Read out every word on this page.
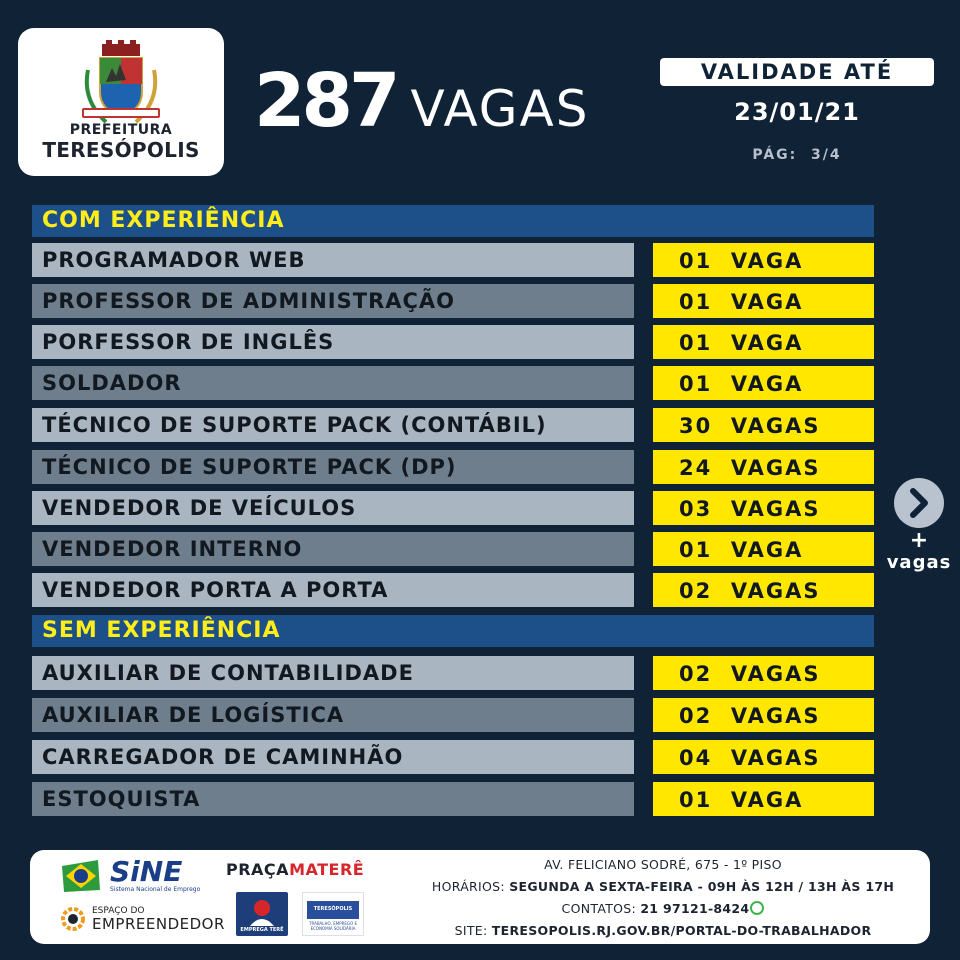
PREFEITURA
TERESÓPOLIS
287 VAGAS
VALIDADE ATÉ
23/01/21
PÁG: 3/4
COM EXPERIÊNCIA
PROGRAMADOR WEB	01  VAGA
PROFESSOR DE ADMINISTRAÇÃO	01  VAGA
PORFESSOR DE INGLÊS	01  VAGA
SOLDADOR	01  VAGA
TÉCNICO DE SUPORTE PACK (CONTÁBIL)	30  VAGAS
TÉCNICO DE SUPORTE PACK (DP)	24  VAGAS
VENDEDOR DE VEÍCULOS	03  VAGAS
VENDEDOR INTERNO	01  VAGA
VENDEDOR PORTA A PORTA	02  VAGAS
SEM EXPERIÊNCIA
AUXILIAR DE CONTABILIDADE	02  VAGAS
AUXILIAR DE LOGÍSTICA	02  VAGAS
CARREGADOR DE CAMINHÃO	04  VAGAS
ESTOQUISTA	01  VAGA
+
vagas
SiNE
Sistema Nacional de Emprego
ESPAÇO DO
EMPREENDEDOR
PRAÇAMATERÊ
EMPREGA TERÊ
TERESÓPOLIS
TRABALHO, EMPREGO E ECONOMIA SOLIDÁRIA
AV. FELICIANO SODRÉ, 675 - 1º PISO
HORÁRIOS: SEGUNDA A SEXTA-FEIRA - 09H ÀS 12H / 13H ÀS 17H
CONTATOS: 21 97121-8424
SITE: TERESOPOLIS.RJ.GOV.BR/PORTAL-DO-TRABALHADOR
